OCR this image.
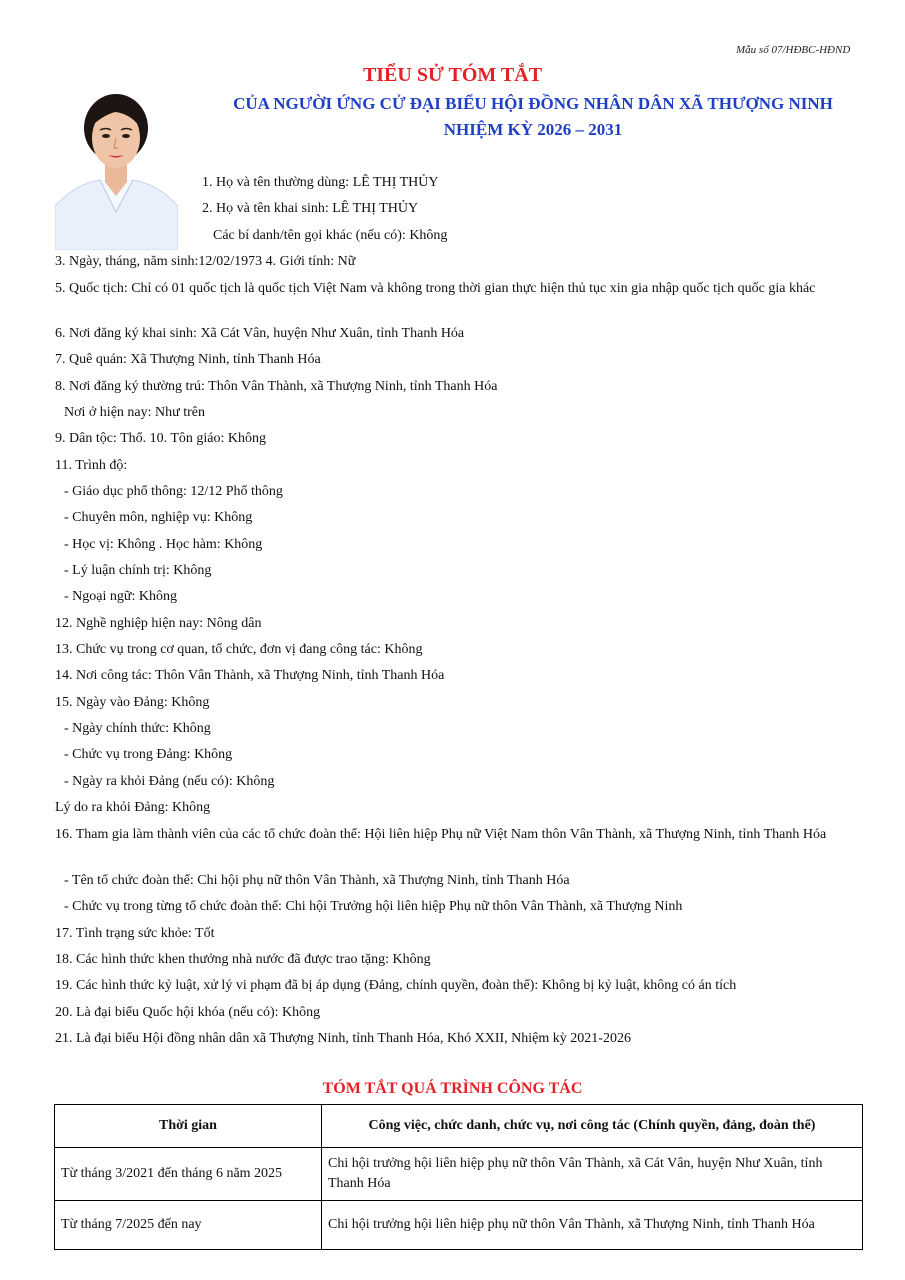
Mẫu số 07/HĐBC-HĐND
TIỂU SỬ TÓM TẮT
CỦA NGƯỜI ỨNG CỬ ĐẠI BIỂU HỘI ĐỒNG NHÂN DÂN XÃ THƯỢNG NINH
NHIỆM KỲ 2026 – 2031
1. Họ và tên thường dùng: LÊ THỊ THỦY
2. Họ và tên khai sinh: LÊ THỊ THỦY
Các bí danh/tên gọi khác (nếu có): Không
3. Ngày, tháng, năm sinh:12/02/1973 4. Giới tính: Nữ
5. Quốc tịch: Chỉ có 01 quốc tịch là quốc tịch Việt Nam và không trong thời gian thực hiện thủ tục xin gia nhập quốc tịch quốc gia khác
6. Nơi đăng ký khai sinh: Xã Cát Vân, huyện Như Xuân, tỉnh Thanh Hóa
7. Quê quán: Xã Thượng Ninh, tỉnh Thanh Hóa
8. Nơi đăng ký thường trú: Thôn Vân Thành, xã Thượng Ninh, tỉnh Thanh Hóa
Nơi ở hiện nay: Như trên
9. Dân tộc: Thổ. 10. Tôn giáo: Không
11. Trình độ:
- Giáo dục phổ thông: 12/12 Phổ thông
- Chuyên môn, nghiệp vụ: Không
- Học vị: Không . Học hàm: Không
- Lý luận chính trị: Không
- Ngoại ngữ: Không
12. Nghề nghiệp hiện nay: Nông dân
13. Chức vụ trong cơ quan, tổ chức, đơn vị đang công tác: Không
14. Nơi công tác: Thôn Vân Thành, xã Thượng Ninh, tỉnh Thanh Hóa
15. Ngày vào Đảng: Không
- Ngày chính thức: Không
- Chức vụ trong Đảng: Không
- Ngày ra khỏi Đảng (nếu có): Không
Lý do ra khỏi Đảng: Không
16. Tham gia làm thành viên của các tổ chức đoàn thể: Hội liên hiệp Phụ nữ Việt Nam thôn Vân Thành, xã Thượng Ninh, tỉnh Thanh Hóa
- Tên tổ chức đoàn thể: Chi hội phụ nữ thôn Vân Thành, xã Thượng Ninh, tỉnh Thanh Hóa
- Chức vụ trong từng tổ chức đoàn thể: Chi hội Trưởng hội liên hiệp Phụ nữ thôn Vân Thành, xã Thượng Ninh
17. Tình trạng sức khỏe: Tốt
18. Các hình thức khen thưởng nhà nước đã được trao tặng: Không
19. Các hình thức kỷ luật, xử lý vi phạm đã bị áp dụng (Đảng, chính quyền, đoàn thể): Không bị kỷ luật, không có án tích
20. Là đại biểu Quốc hội khóa (nếu có): Không
21. Là đại biểu Hội đồng nhân dân xã Thượng Ninh, tỉnh Thanh Hóa, Khó XXII, Nhiệm kỳ 2021-2026
TÓM TẮT QUÁ TRÌNH CÔNG TÁC
Thời gian	Công việc, chức danh, chức vụ, nơi công tác (Chính quyền, đảng, đoàn thể)
Từ tháng 3/2021 đến tháng 6 năm 2025	Chi hội trưởng hội liên hiệp phụ nữ thôn Vân Thành, xã Cát Vân, huyện Như Xuân, tỉnh Thanh Hóa
Từ tháng 7/2025 đến nay	Chi hội trưởng hội liên hiệp phụ nữ thôn Vân Thành, xã Thượng Ninh, tỉnh Thanh Hóa
